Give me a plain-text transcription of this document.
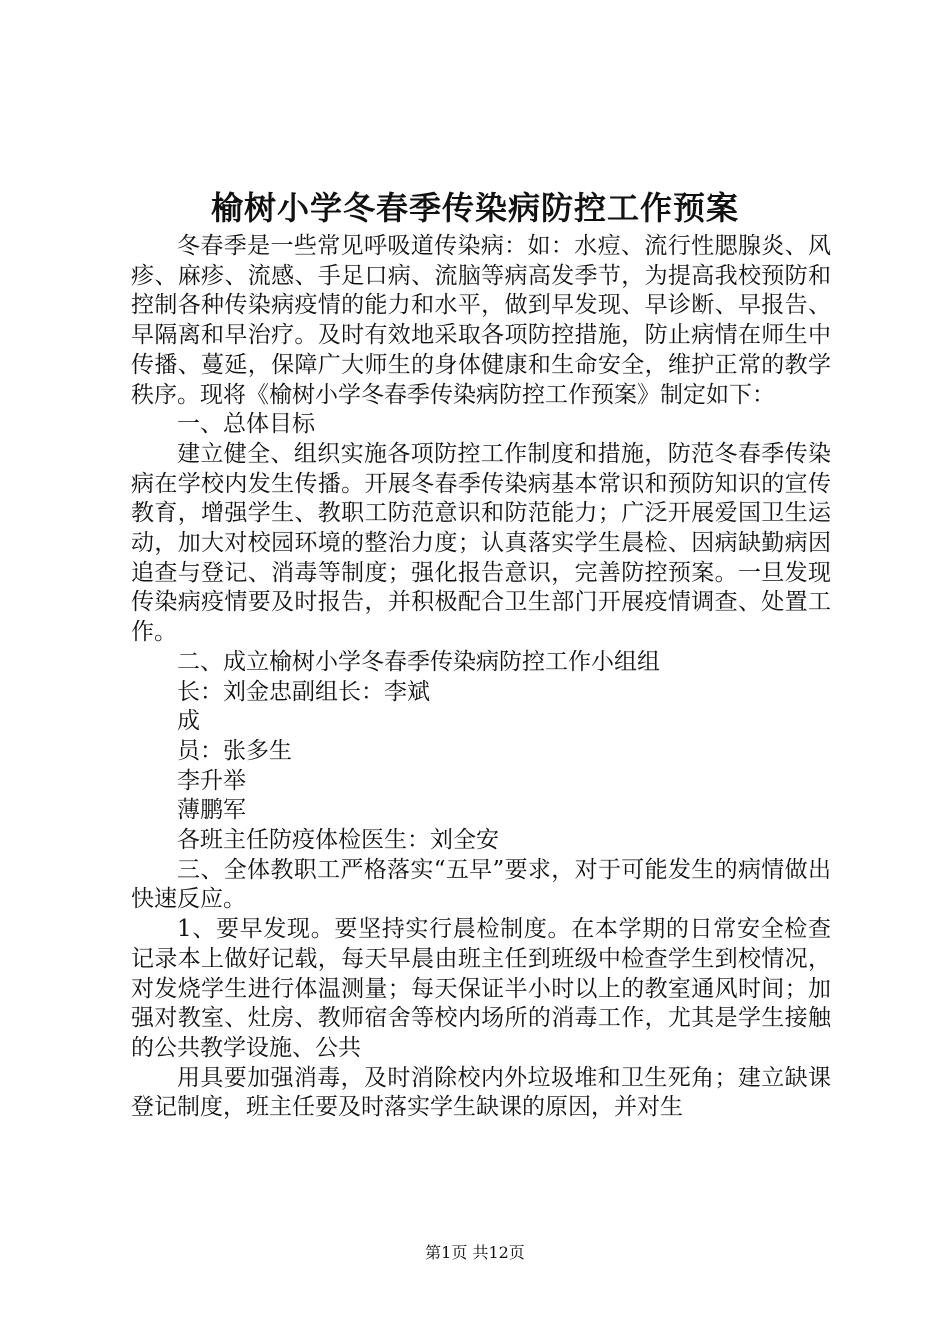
榆树小学冬春季传染病防控工作预案

冬春季是一些常见呼吸道传染病：如：水痘、流行性腮腺炎、风疹、麻疹、流感、手足口病、流脑等病高发季节，为提高我校预防和控制各种传染病疫情的能力和水平，做到早发现、早诊断、早报告、早隔离和早治疗。及时有效地采取各项防控措施，防止病情在师生中传播、蔓延，保障广大师生的身体健康和生命安全，维护正常的教学秩序。现将《榆树小学冬春季传染病防控工作预案》制定如下：

一、总体目标

建立健全、组织实施各项防控工作制度和措施，防范冬春季传染病在学校内发生传播。开展冬春季传染病基本常识和预防知识的宣传教育，增强学生、教职工防范意识和防范能力；广泛开展爱国卫生运动，加大对校园环境的整治力度；认真落实学生晨检、因病缺勤病因追查与登记、消毒等制度；强化报告意识，完善防控预案。一旦发现传染病疫情要及时报告，并积极配合卫生部门开展疫情调查、处置工作。

二、成立榆树小学冬春季传染病防控工作小组组

长：刘金忠副组长：李斌

成

员：张多生

李升举

薄鹏军

各班主任防疫体检医生：刘全安

三、全体教职工严格落实“五早”要求，对于可能发生的病情做出快速反应。

1、要早发现。要坚持实行晨检制度。在本学期的日常安全检查记录本上做好记载，每天早晨由班主任到班级中检查学生到校情况，对发烧学生进行体温测量；每天保证半小时以上的教室通风时间；加强对教室、灶房、教师宿舍等校内场所的消毒工作，尤其是学生接触的公共教学设施、公共

用具要加强消毒，及时消除校内外垃圾堆和卫生死角；建立缺课登记制度，班主任要及时落实学生缺课的原因，并对生

第1页 共12页
